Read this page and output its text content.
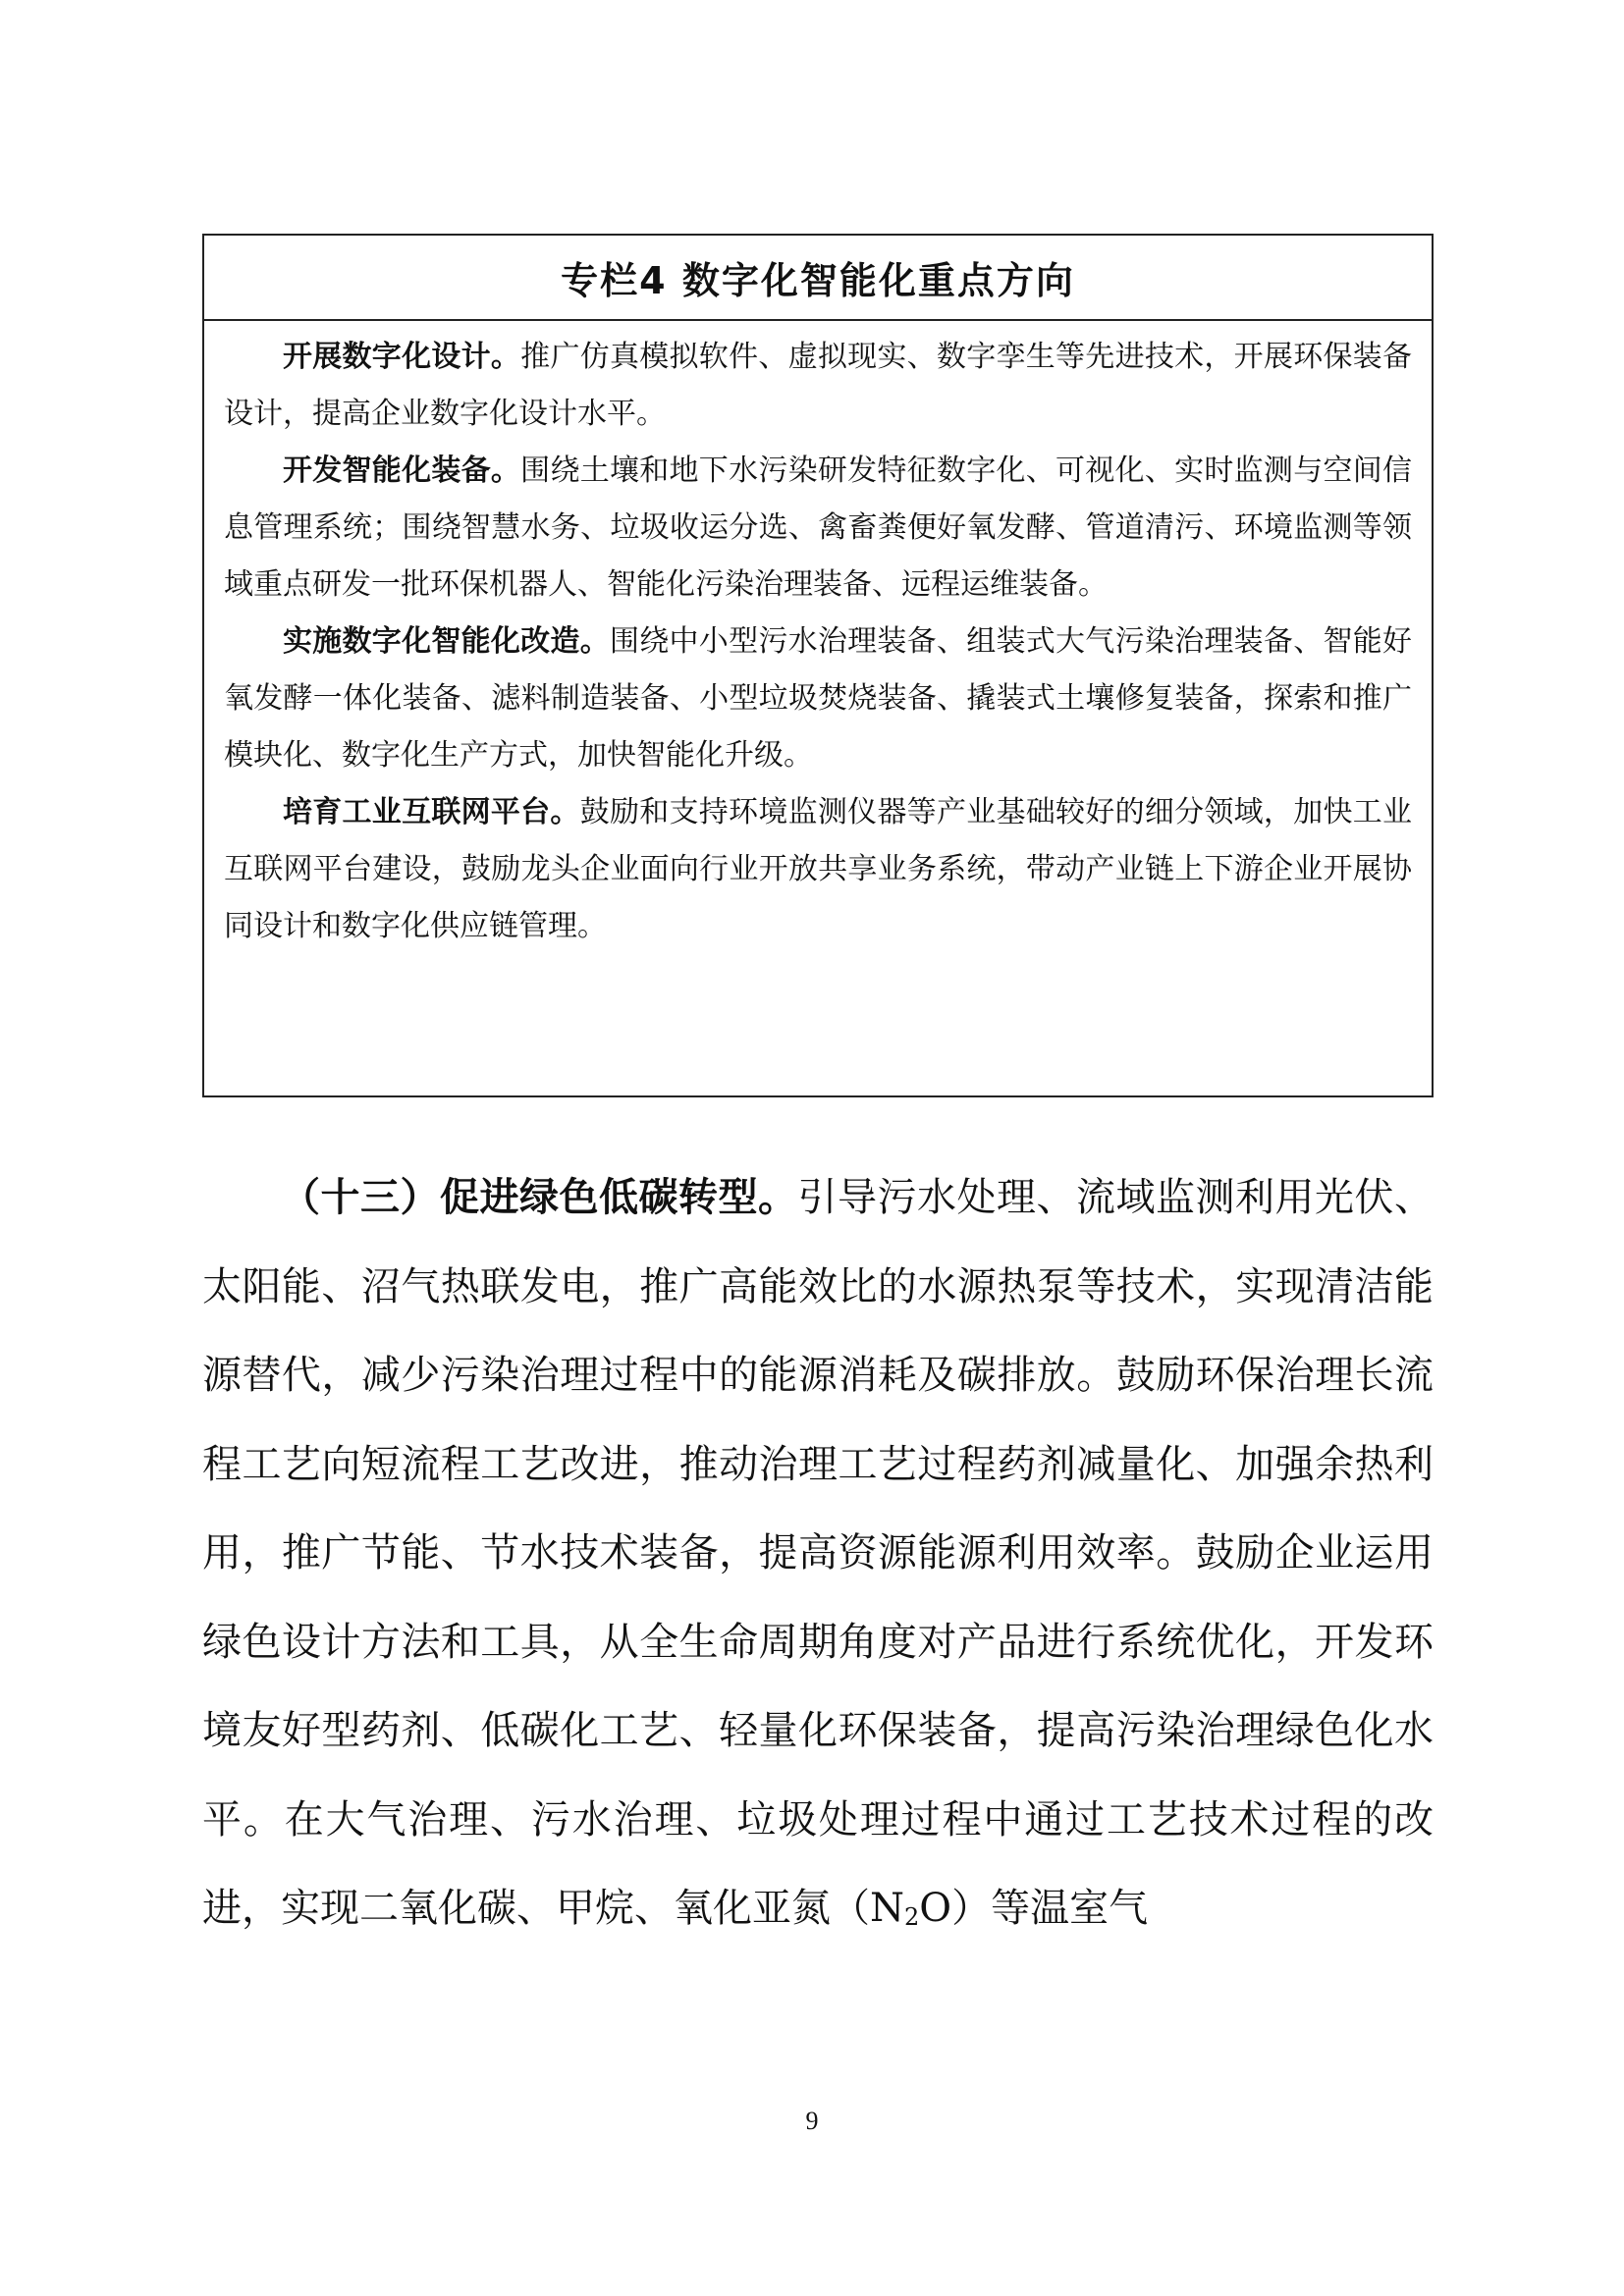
专栏4 数字化智能化重点方向

开展数字化设计。推广仿真模拟软件、虚拟现实、数字孪生等先进技术，开展环保装备设计，提高企业数字化设计水平。

开发智能化装备。围绕土壤和地下水污染研发特征数字化、可视化、实时监测与空间信息管理系统；围绕智慧水务、垃圾收运分选、禽畜粪便好氧发酵、管道清污、环境监测等领域重点研发一批环保机器人、智能化污染治理装备、远程运维装备。

实施数字化智能化改造。围绕中小型污水治理装备、组装式大气污染治理装备、智能好氧发酵一体化装备、滤料制造装备、小型垃圾焚烧装备、撬装式土壤修复装备，探索和推广模块化、数字化生产方式，加快智能化升级。

培育工业互联网平台。鼓励和支持环境监测仪器等产业基础较好的细分领域，加快工业互联网平台建设，鼓励龙头企业面向行业开放共享业务系统，带动产业链上下游企业开展协同设计和数字化供应链管理。

（十三）促进绿色低碳转型。引导污水处理、流域监测利用光伏、太阳能、沼气热联发电，推广高能效比的水源热泵等技术，实现清洁能源替代，减少污染治理过程中的能源消耗及碳排放。鼓励环保治理长流程工艺向短流程工艺改进，推动治理工艺过程药剂减量化、加强余热利用，推广节能、节水技术装备，提高资源能源利用效率。鼓励企业运用绿色设计方法和工具，从全生命周期角度对产品进行系统优化，开发环境友好型药剂、低碳化工艺、轻量化环保装备，提高污染治理绿色化水平。在大气治理、污水治理、垃圾处理过程中通过工艺技术过程的改进，实现二氧化碳、甲烷、氧化亚氮$(N_2O)$等温室气

9
